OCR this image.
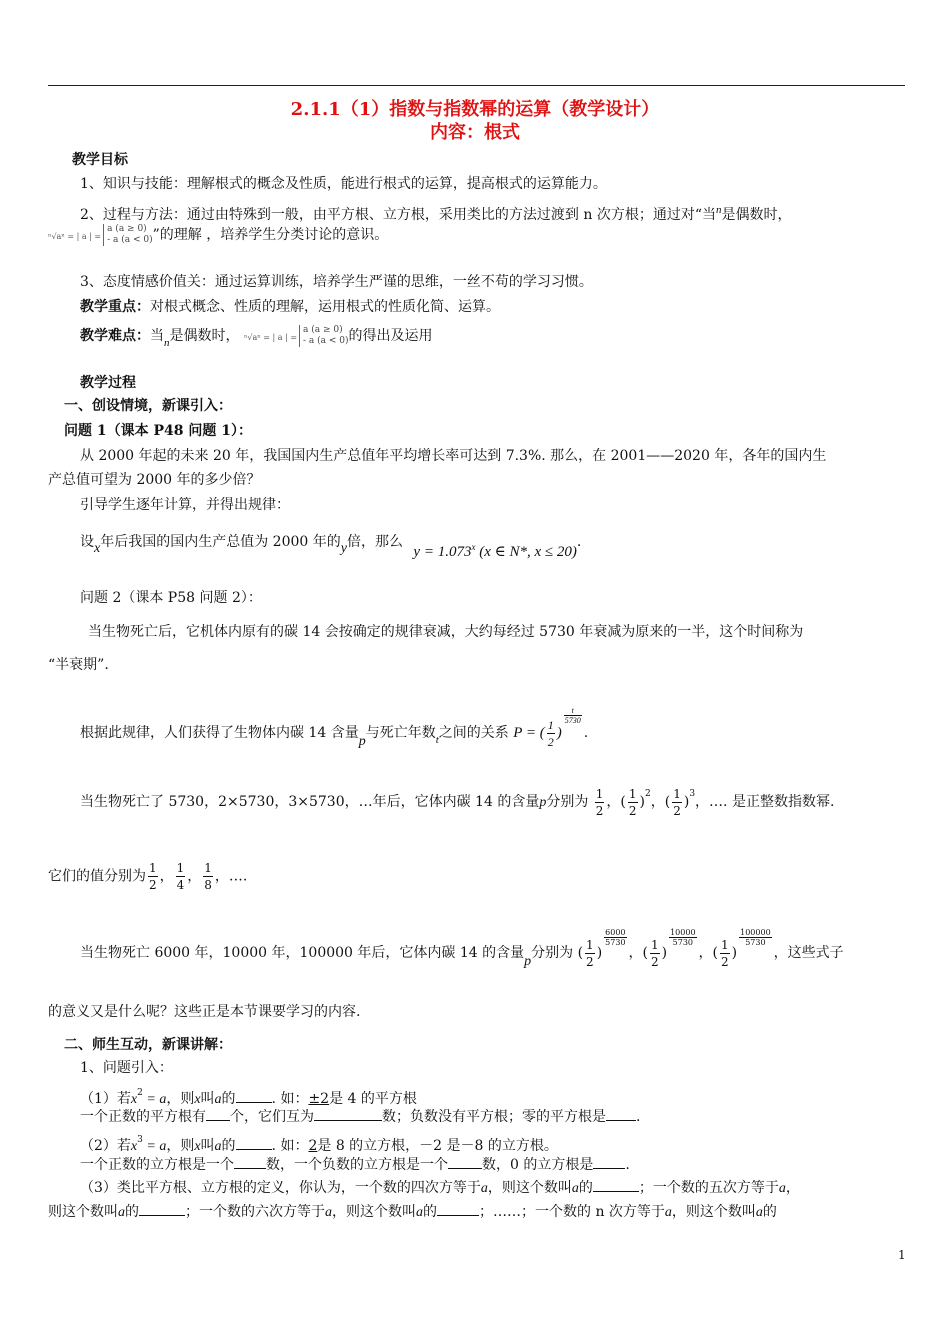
2.1.1（1）指数与指数幂的运算（教学设计）
内容：根式
教学目标
1、知识与技能：理解根式的概念及性质，能进行根式的运算，提高根式的运算能力。
2、过程与方法：通过由特殊到一般，由平方根、立方根，采用类比的方法过渡到 n 次方根；通过对“当$^n$是偶数时，
ⁿ√aⁿ = | a | =
a (a ≥ 0)
- a (a < 0) ”的理解 ，培养学生分类讨论的意识。
3、态度情感价值关：通过运算训练，培养学生严谨的思维，一丝不苟的学习习惯。
教学重点：对根式概念、性质的理解，运用根式的性质化简、运算。
教学难点：当$_n$是偶数时， ⁿ√aⁿ = | a | =
a (a ≥ 0)
- a (a < 0) 的得出及运用
教学过程
一、创设情境，新课引入：
问题 1（课本 P48 问题 1）：
从 2000 年起的未来 20 年，我国国内生产总值年平均增长率可达到 7.3%. 那么，在 2001——2020 年，各年的国内生
产总值可望为 2000 年的多少倍？
引导学生逐年计算，并得出规律：
设x年后我国的国内生产总值为 2000 年的y倍，那么 $y = 1.073^x$ (x ∈ N*, x ≤ 20).
问题 2（课本 P58 问题 2）：
当生物死亡后，它机体内原有的碳 14 会按确定的规律衰减，大约每经过 5730 年衰减为原来的一半，这个时间称为
“半衰期”.
根据此规律，人们获得了生物体内碳 14 含量p与死亡年数$_t$之间的关系 P = ( $\frac{1}{2}$ )
$\frac{t}{5730}$
.
当生物死亡了 5730，2×5730，3×5730，…年后，它体内碳 14 的含量p分别为 $\frac{1}{2}$ ，( $\frac{1}{2} )^2$，( $\frac{1}{2} )^3$，…. 是正整数指数幂.
它们的值分别为 $\frac{1}{2}$ ， $\frac{1}{4}$ ， $\frac{1}{8}$ ，….
当生物死亡 6000 年，10000 年，100000 年后，它体内碳 14 的含量p分别为 ( $\frac{1}{2}$ )
$\frac{6000}{5730}$
，( $\frac{1}{2}$ )
$\frac{10000}{5730}$
，( $\frac{1}{2}$ )
$\frac{100000}{5730}$
，这些式子
的意义又是什么呢？这些正是本节课要学习的内容.
二、师生互动，新课讲解：
1、问题引入：
（1）若$x^2 = a$，则x叫a的	. 如：±2是 4 的平方根
一个正数的平方根有 个，它们互为	数；负数没有平方根；零的平方根是 .
（2）若$x^3 = a$，则x叫a的	. 如：2是 8 的立方根，－2 是－8 的立方根。
一个正数的立方根是一个 数，一个负数的立方根是一个 数，0 的立方根是 .
（3）类比平方根、立方根的定义，你认为，一个数的四次方等于a，则这个数叫a的	；一个数的五次方等于a，
则这个数叫a的	；一个数的六次方等于a，则这个数叫a的	；……；一个数的 n 次方等于a，则这个数叫a的
1
